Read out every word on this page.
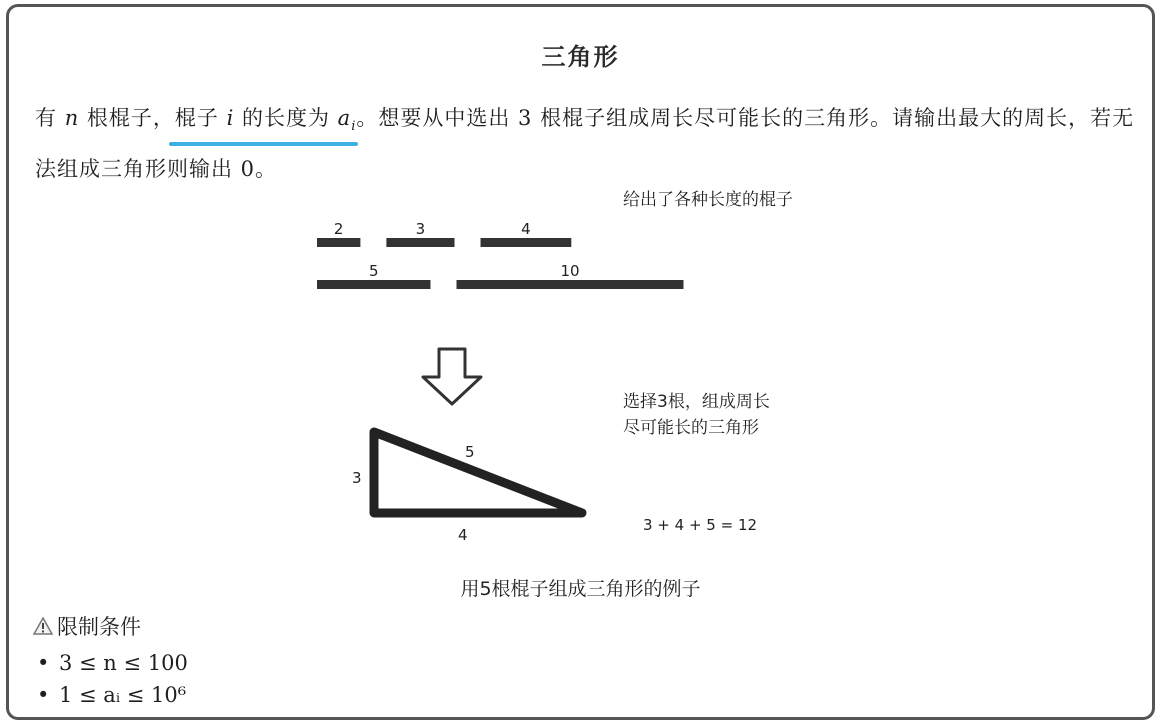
三角形
有 n 根棍子，棍子 i 的长度为 $a_i$。想要从中选出 3 根棍子组成周长尽可能长的三角形。请输出最大的周长，若无法组成三角形则输出 0。
给出了各种长度的棍子
2	3	4
5	10
3
5
4
选择3根，组成周长
尽可能长的三角形
3 + 4 + 5 = 12
用5根棍子组成三角形的例子
限制条件
• 3 ≤ n ≤ 100
• 1 ≤ aᵢ ≤ 10⁶
